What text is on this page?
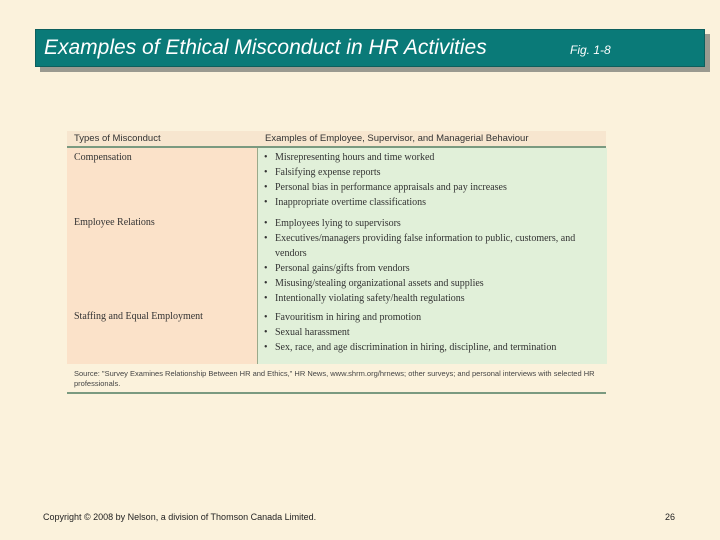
Examples of Ethical Misconduct in HR Activities	Fig. 1-8
Types of Misconduct	Examples of Employee, Supervisor, and Managerial Behaviour
Compensation	• Misrepresenting hours and time worked
• Falsifying expense reports
• Personal bias in performance appraisals and pay increases
• Inappropriate overtime classifications
Employee Relations	• Employees lying to supervisors
• Executives/managers providing false information to public, customers, and vendors
• Personal gains/gifts from vendors
• Misusing/stealing organizational assets and supplies
• Intentionally violating safety/health regulations
Staffing and Equal Employment	• Favouritism in hiring and promotion
• Sexual harassment
• Sex, race, and age discrimination in hiring, discipline, and termination
Source: "Survey Examines Relationship Between HR and Ethics," HR News, www.shrm.org/hrnews; other surveys; and personal interviews with selected HR professionals.
Copyright © 2008 by Nelson, a division of Thomson Canada Limited.	26
